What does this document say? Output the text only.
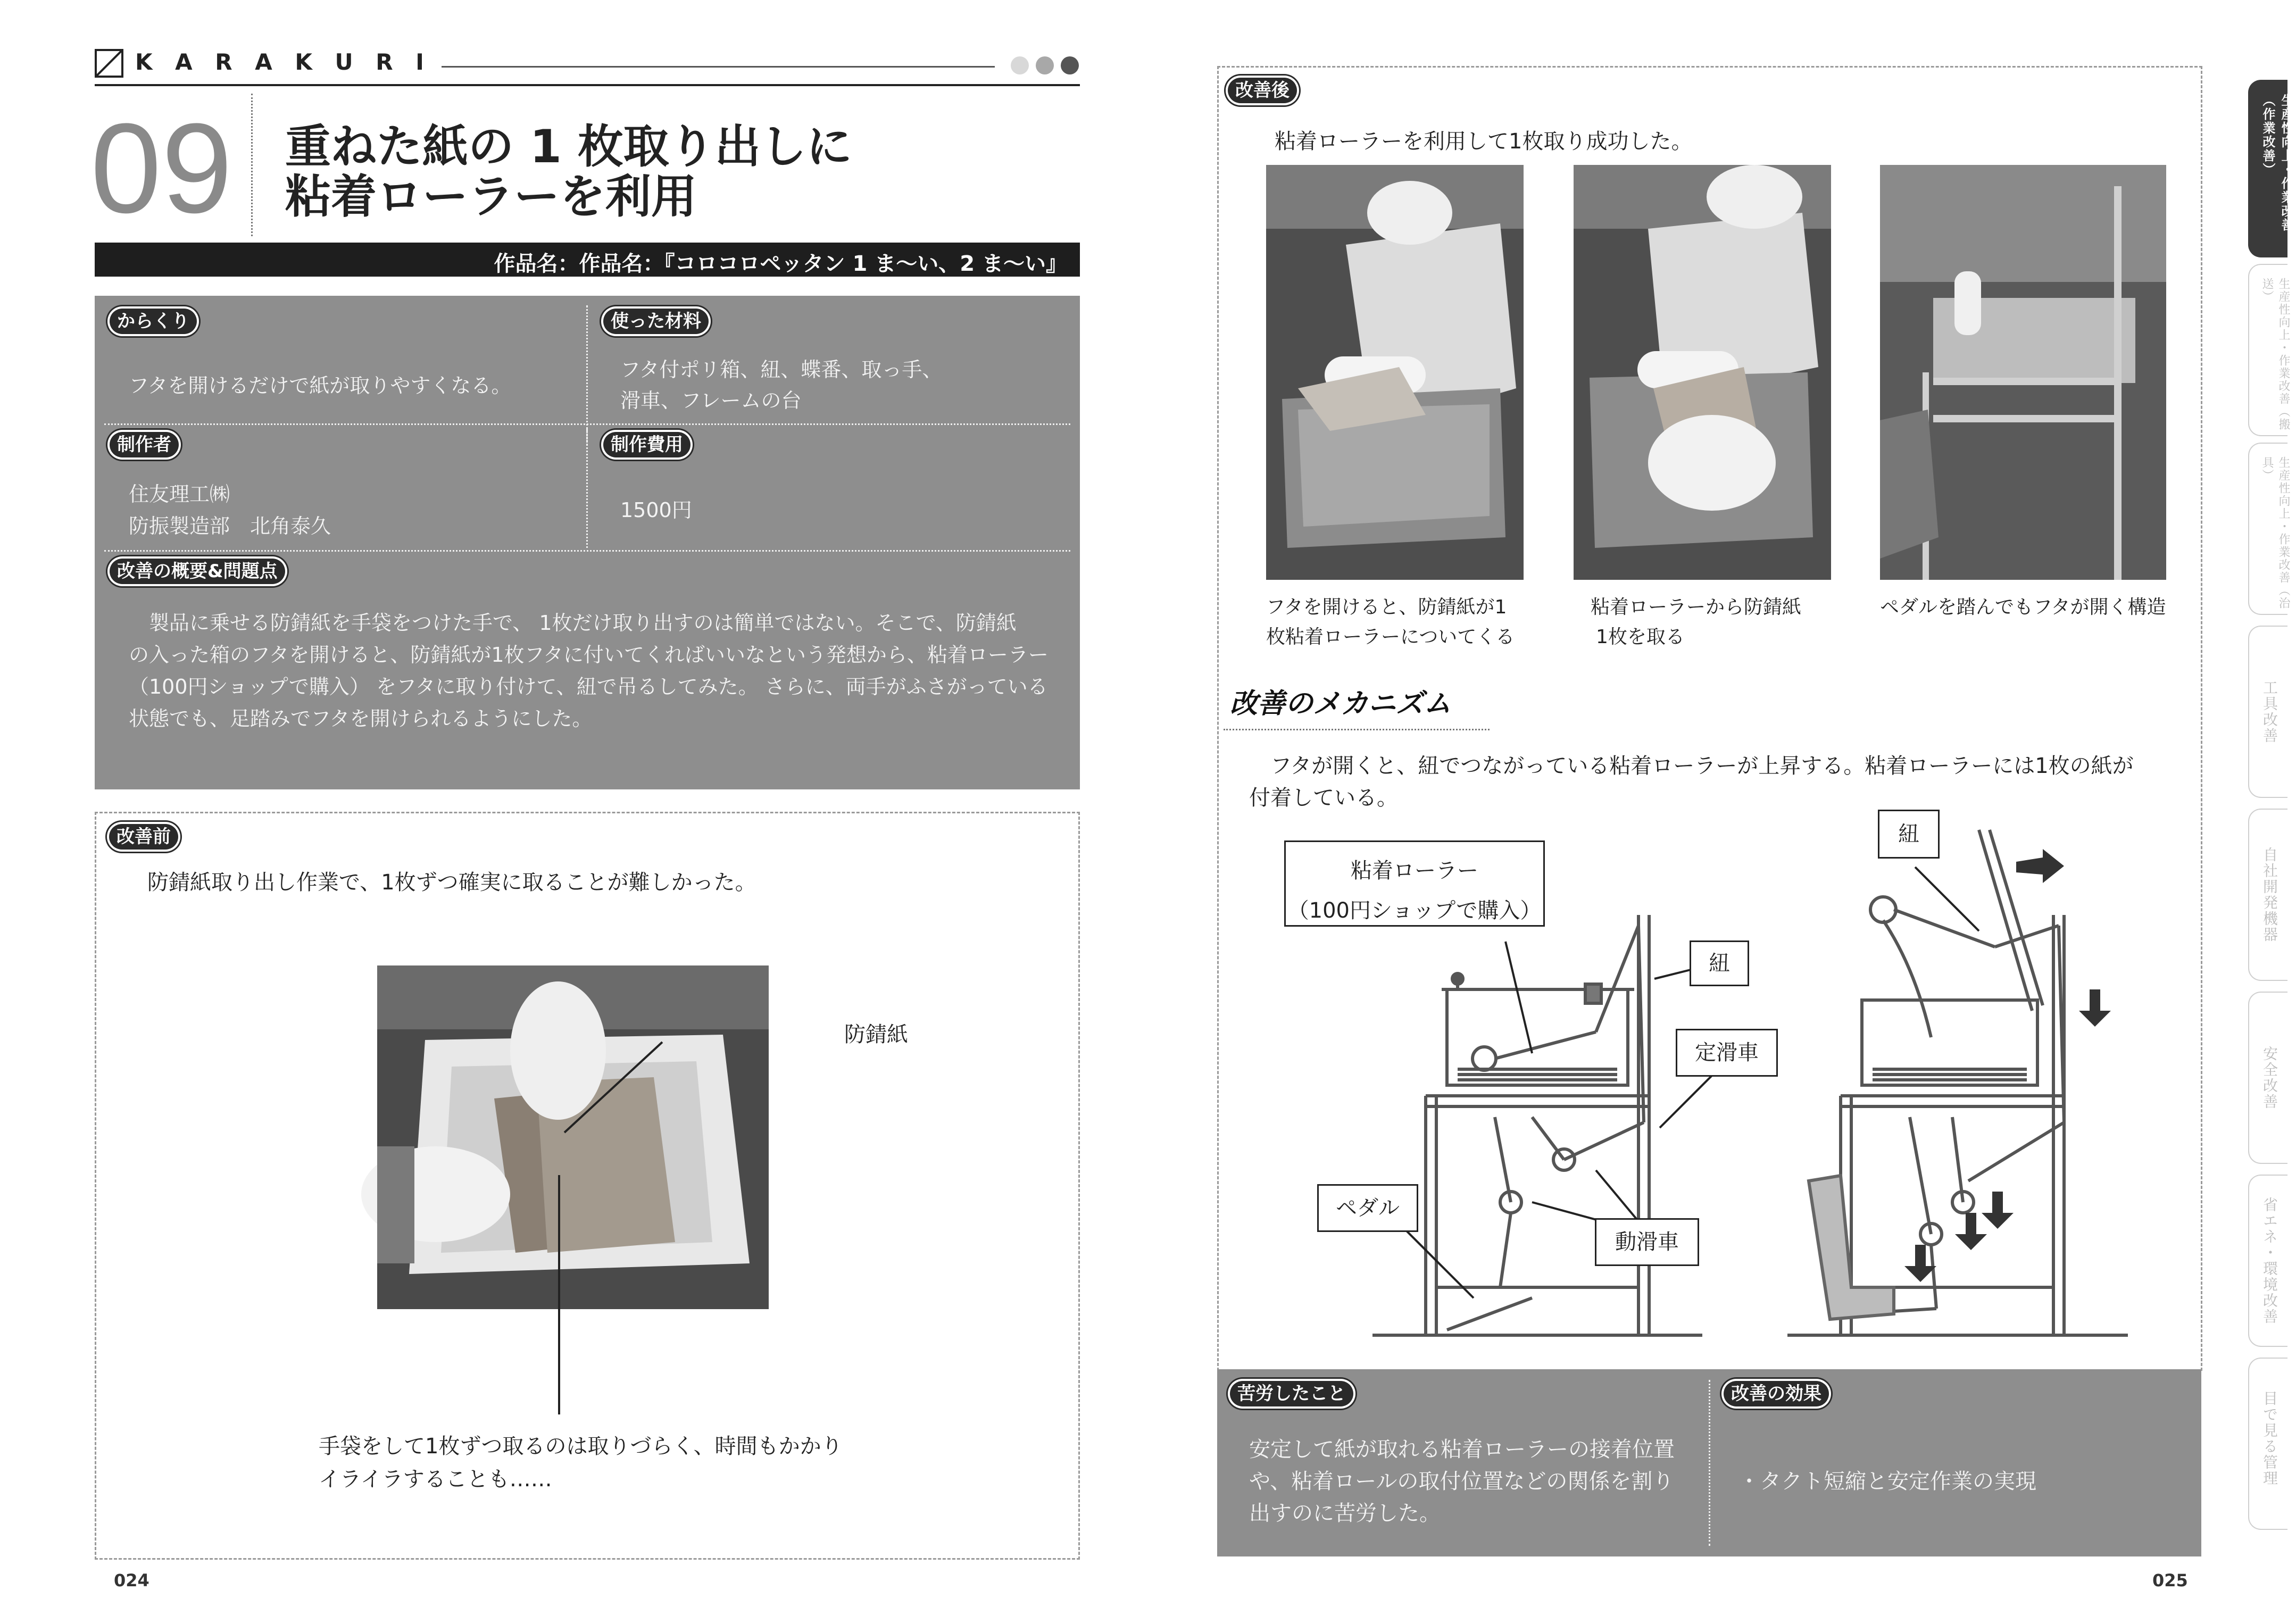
K A R A K U R I

09 重ねた紙の 1 枚取り出しに
粘着ローラーを利用
作品名：作品名：『コロコロペッタン 1 ま〜い、2 ま〜い』
からくり
フタを開けるだけで紙が取りやすくなる。
使った材料
フタ付ポリ箱、紐、蝶番、取っ手、
滑車、フレームの台
制作者
住友理工㈱
防振製造部　北角泰久
制作費用
1500円
改善の概要&問題点
　製品に乗せる防錆紙を手袋をつけた手で、 1枚だけ取り出すのは簡単ではない。そこで、防錆紙
の入った箱のフタを開けると、防錆紙が1枚フタに付いてくればいいなという発想から、粘着ローラー
（100円ショップで購入） をフタに取り付けて、紐で吊るしてみた。 さらに、両手がふさがっている
状態でも、足踏みでフタを開けられるようにした。
改善前
防錆紙取り出し作業で、1枚ずつ確実に取ることが難しかった。
防錆紙
手袋をして1枚ずつ取るのは取りづらく、時間もかかり
イライラすることも……
024
改善後
粘着ローラーを利用して1枚取り成功した。
フタを開けると、防錆紙が1
枚粘着ローラーについてくる
粘着ローラーから防錆紙
1枚を取る
ペダルを踏んでもフタが開く構造
改善のメカニズム
　フタが開くと、紐でつながっている粘着ローラーが上昇する。粘着ローラーには1枚の紙が
付着している。
粘着ローラー
（100円ショップで購入）
紐
定滑車
ペダル
動滑車
紐
苦労したこと
安定して紙が取れる粘着ローラーの接着位置
や、粘着ロールの取付位置などの関係を割り
出すのに苦労した。
改善の効果
・タクト短縮と安定作業の実現
025
生産性向上・作業改善（作業改善）
生産性向上・作業改善（搬送）
生産性向上・作業改善（治具）
工具改善
自社開発機器
安全改善
省エネ・環境改善
目で見る管理
